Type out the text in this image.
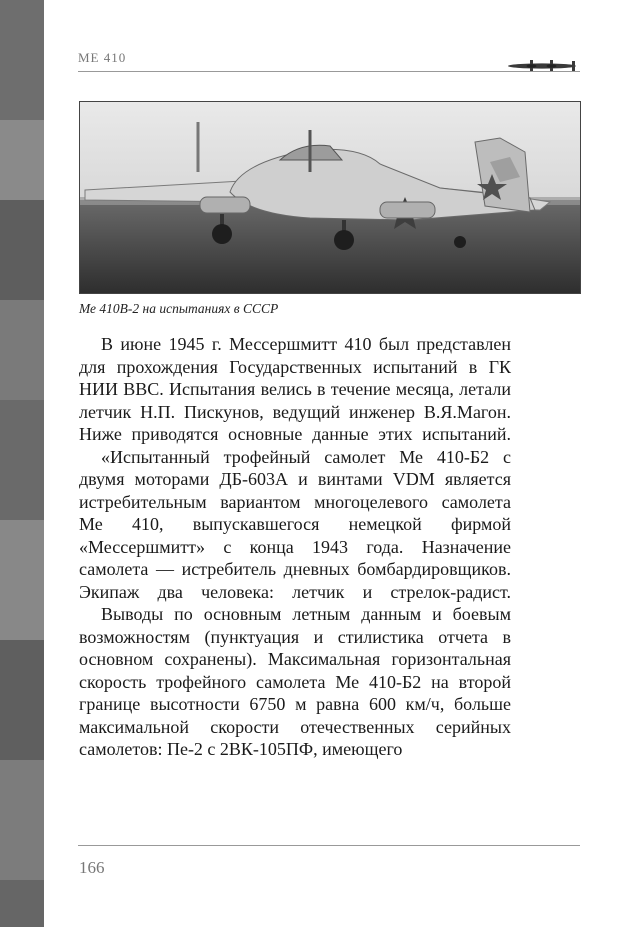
ME 410
Ме 410В-2 на испытаниях в СССР

В июне 1945 г. Мессершмитт 410 был представлен для прохождения Государственных испытаний в ГК НИИ ВВС. Испытания велись в течение месяца, летали летчик Н.П. Пискунов, ведущий инженер В.Я.Магон. Ниже приводятся основные данные этих испытаний.

«Испытанный трофейный самолет Ме 410-Б2 с двумя моторами ДБ-603А и винтами VDM является истребительным вариантом многоцелевого самолета Ме 410, выпускавшегося немецкой фирмой «Мессершмитт» с конца 1943 года. Назначение самолета — истребитель дневных бомбардировщиков. Экипаж два человека: летчик и стрелок-радист.

Выводы по основным летным данным и боевым возможностям (пунктуация и стилистика отчета в основном сохранены). Максимальная горизонтальная скорость трофейного самолета Ме 410-Б2 на второй границе высотности 6750 м равна 600 км/ч, больше максимальной скорости отечественных серийных самолетов: Пе-2 с 2ВК-105ПФ, имеющего

166
